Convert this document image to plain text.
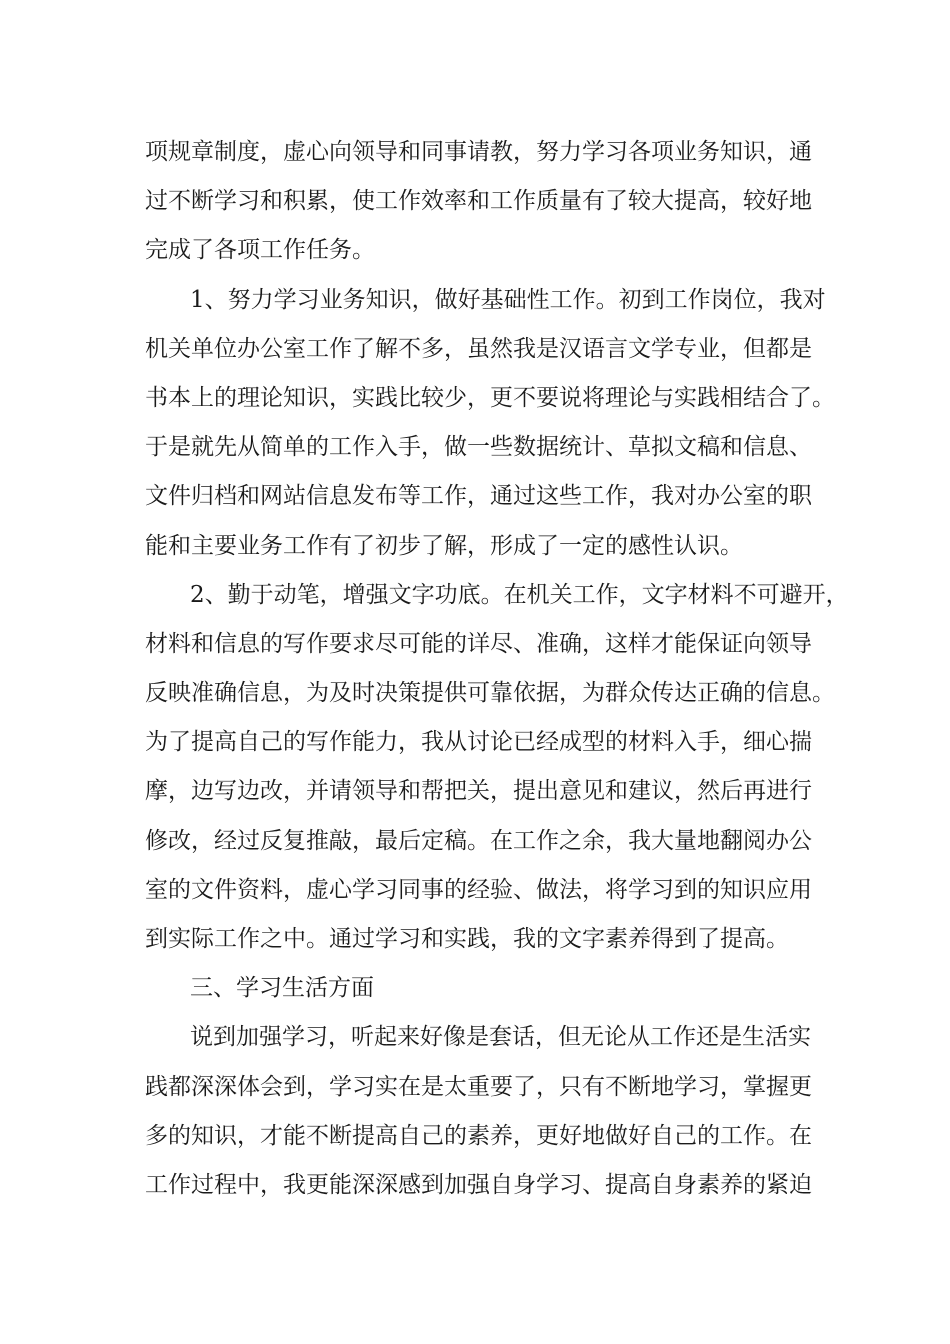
项规章制度，虚心向领导和同事请教，努力学习各项业务知识，通
过不断学习和积累，使工作效率和工作质量有了较大提高，较好地
完成了各项工作任务。
1、努力学习业务知识，做好基础性工作。初到工作岗位，我对
机关单位办公室工作了解不多，虽然我是汉语言文学专业，但都是
书本上的理论知识，实践比较少，更不要说将理论与实践相结合了。
于是就先从简单的工作入手，做一些数据统计、草拟文稿和信息、
文件归档和网站信息发布等工作，通过这些工作，我对办公室的职
能和主要业务工作有了初步了解，形成了一定的感性认识。
2、勤于动笔，增强文字功底。在机关工作，文字材料不可避开，
材料和信息的写作要求尽可能的详尽、准确，这样才能保证向领导
反映准确信息，为及时决策提供可靠依据，为群众传达正确的信息。
为了提高自己的写作能力，我从讨论已经成型的材料入手，细心揣
摩，边写边改，并请领导和帮把关，提出意见和建议，然后再进行
修改，经过反复推敲，最后定稿。在工作之余，我大量地翻阅办公
室的文件资料，虚心学习同事的经验、做法，将学习到的知识应用
到实际工作之中。通过学习和实践，我的文字素养得到了提高。
三、学习生活方面
说到加强学习，听起来好像是套话，但无论从工作还是生活实
践都深深体会到，学习实在是太重要了，只有不断地学习，掌握更
多的知识，才能不断提高自己的素养，更好地做好自己的工作。在
工作过程中，我更能深深感到加强自身学习、提高自身素养的紧迫
